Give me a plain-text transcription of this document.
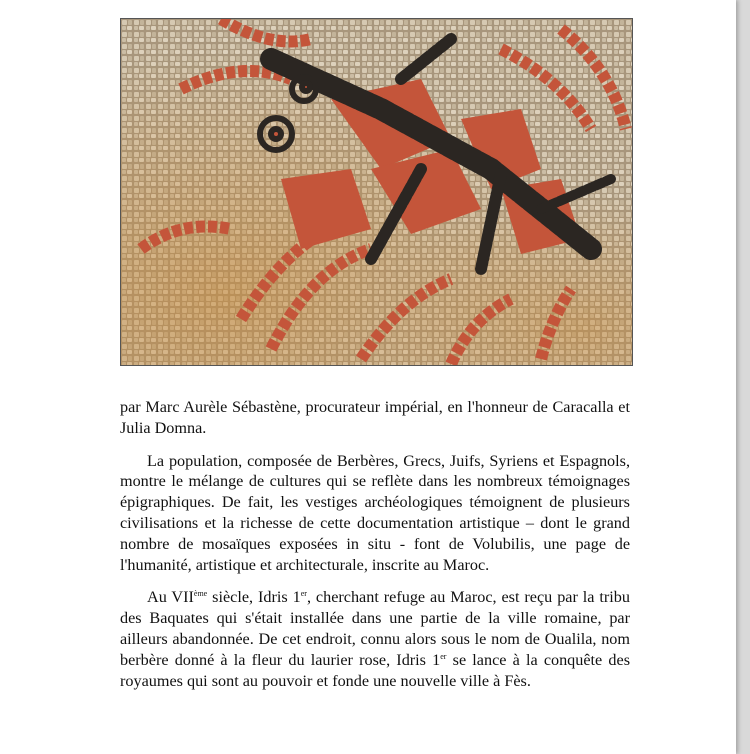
par Marc Aurèle Sébastène, procurateur impérial, en l'honneur de Caracalla et Julia Domna.

La population, composée de Berbères, Grecs, Juifs, Syriens et Espagnols, montre le mélange de cultures qui se reflète dans les nombreux témoignages épigraphiques. De fait, les vestiges archéologiques témoignent de plusieurs civilisations et la richesse de cette documentation artistique – dont le grand nombre de mosaïques exposées in situ - font de Volubilis, une page de l'humanité, artistique et architecturale, inscrite au Maroc.

Au VIIème siècle, Idris 1er, cherchant refuge au Maroc, est reçu par la tribu des Baquates qui s'était installée dans une partie de la ville romaine, par ailleurs abandonnée. De cet endroit, connu alors sous le nom de Oualila, nom berbère donné à la fleur du laurier rose, Idris 1er se lance à la conquête des royaumes qui sont au pouvoir et fonde une nouvelle ville à Fès.
